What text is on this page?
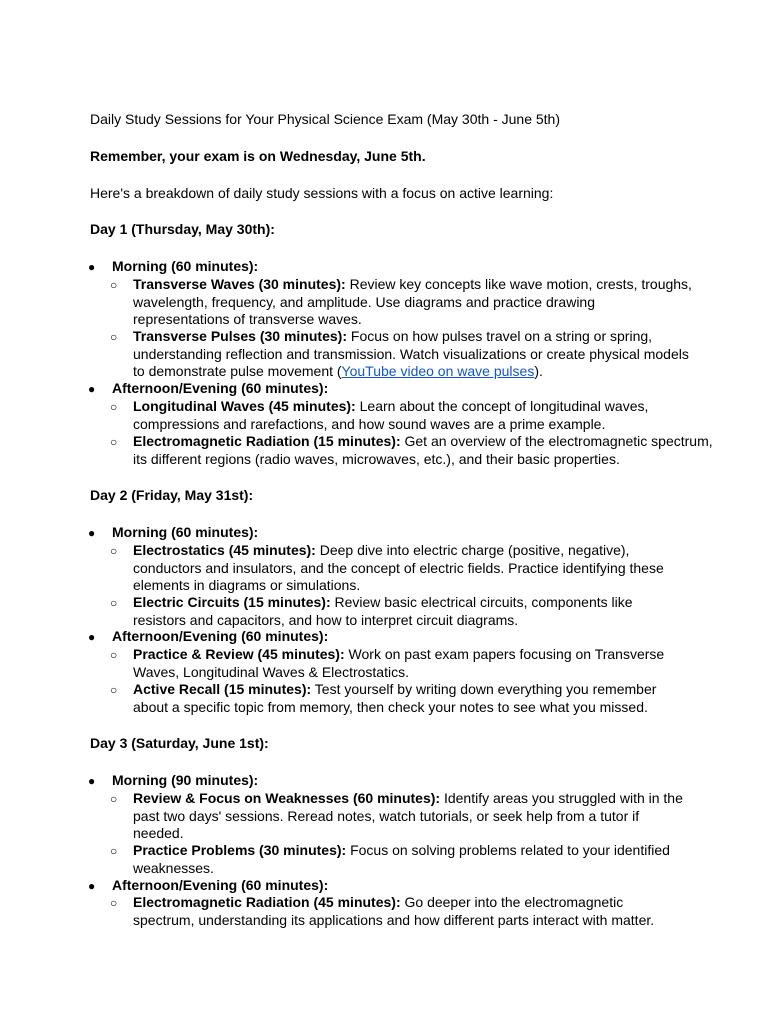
Daily Study Sessions for Your Physical Science Exam (May 30th - June 5th)
Remember, your exam is on Wednesday, June 5th.
Here's a breakdown of daily study sessions with a focus on active learning:
Day 1 (Thursday, May 30th):
● Morning (60 minutes):
○ Transverse Waves (30 minutes): Review key concepts like wave motion, crests, troughs, wavelength, frequency, and amplitude. Use diagrams and practice drawing representations of transverse waves.
○ Transverse Pulses (30 minutes): Focus on how pulses travel on a string or spring, understanding reflection and transmission. Watch visualizations or create physical models to demonstrate pulse movement (YouTube video on wave pulses).
● Afternoon/Evening (60 minutes):
○ Longitudinal Waves (45 minutes): Learn about the concept of longitudinal waves, compressions and rarefactions, and how sound waves are a prime example.
○ Electromagnetic Radiation (15 minutes): Get an overview of the electromagnetic spectrum, its different regions (radio waves, microwaves, etc.), and their basic properties.
Day 2 (Friday, May 31st):
● Morning (60 minutes):
○ Electrostatics (45 minutes): Deep dive into electric charge (positive, negative), conductors and insulators, and the concept of electric fields. Practice identifying these elements in diagrams or simulations.
○ Electric Circuits (15 minutes): Review basic electrical circuits, components like resistors and capacitors, and how to interpret circuit diagrams.
● Afternoon/Evening (60 minutes):
○ Practice & Review (45 minutes): Work on past exam papers focusing on Transverse Waves, Longitudinal Waves & Electrostatics.
○ Active Recall (15 minutes): Test yourself by writing down everything you remember about a specific topic from memory, then check your notes to see what you missed.
Day 3 (Saturday, June 1st):
● Morning (90 minutes):
○ Review & Focus on Weaknesses (60 minutes): Identify areas you struggled with in the past two days' sessions. Reread notes, watch tutorials, or seek help from a tutor if needed.
○ Practice Problems (30 minutes): Focus on solving problems related to your identified weaknesses.
● Afternoon/Evening (60 minutes):
○ Electromagnetic Radiation (45 minutes): Go deeper into the electromagnetic spectrum, understanding its applications and how different parts interact with matter.
